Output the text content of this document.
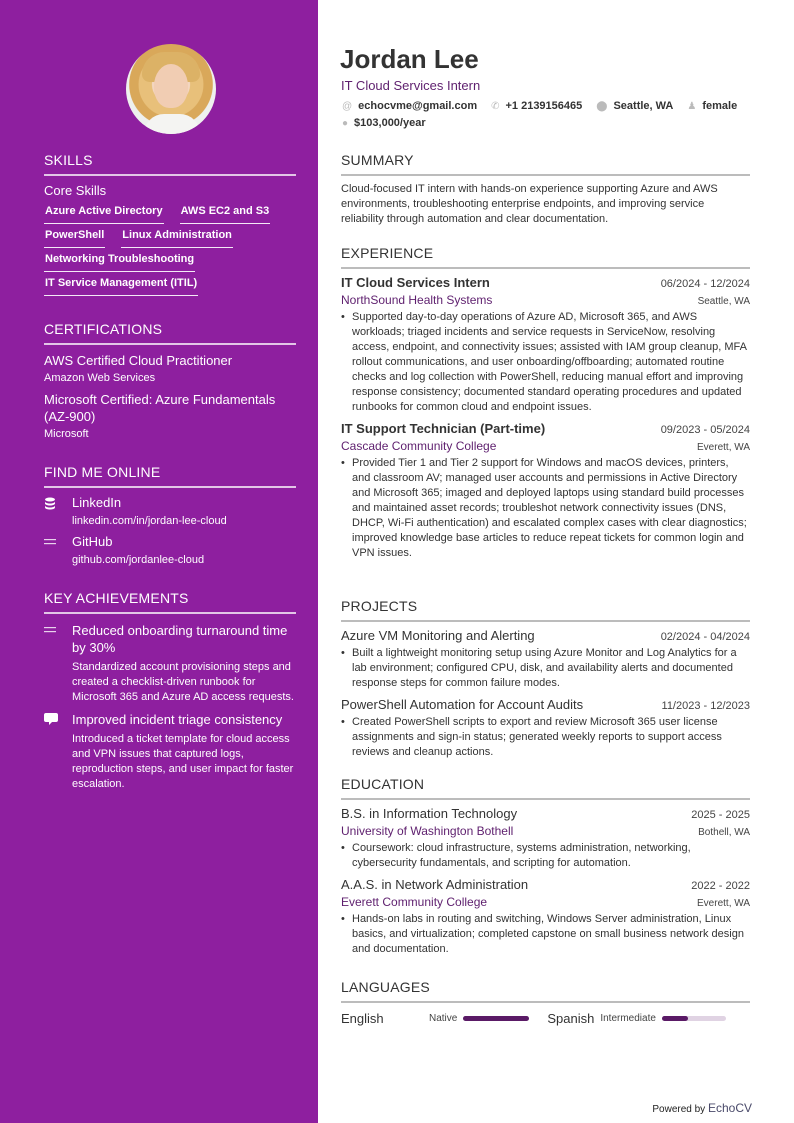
SKILLS
Core Skills
Azure Active Directory AWS EC2 and S3
PowerShell Linux Administration
Networking Troubleshooting
IT Service Management (ITIL)
CERTIFICATIONS
AWS Certified Cloud Practitioner
Amazon Web Services
Microsoft Certified: Azure Fundamentals (AZ-900)
Microsoft
FIND ME ONLINE
LinkedIn
linkedin.com/in/jordan-lee-cloud
GitHub
github.com/jordanlee-cloud
KEY ACHIEVEMENTS
Reduced onboarding turnaround time by 30%
Standardized account provisioning steps and created a checklist-driven runbook for Microsoft 365 and Azure AD access requests.
Improved incident triage consistency
Introduced a ticket template for cloud access and VPN issues that captured logs, reproduction steps, and user impact for faster escalation.
Jordan Lee
IT Cloud Services Intern
@ echocvme@gmail.com ✆ +1 2139156465 ⬤ Seattle, WA ♟ female
● $103,000/year
SUMMARY
Cloud-focused IT intern with hands-on experience supporting Azure and AWS environments, troubleshooting enterprise endpoints, and improving service reliability through automation and clear documentation.
EXPERIENCE
IT Cloud Services Intern	06/2024 - 12/2024
NorthSound Health Systems	Seattle, WA
• Supported day-to-day operations of Azure AD, Microsoft 365, and AWS workloads; triaged incidents and service requests in ServiceNow, resolving access, endpoint, and connectivity issues; assisted with IAM group cleanup, MFA rollout communications, and user onboarding/offboarding; automated routine checks and log collection with PowerShell, reducing manual effort and improving response consistency; documented standard operating procedures and updated runbooks for common cloud and endpoint issues.
IT Support Technician (Part-time)	09/2023 - 05/2024
Cascade Community College	Everett, WA
• Provided Tier 1 and Tier 2 support for Windows and macOS devices, printers, and classroom AV; managed user accounts and permissions in Active Directory and Microsoft 365; imaged and deployed laptops using standard build processes and maintained asset records; troubleshot network connectivity issues (DNS, DHCP, Wi-Fi authentication) and escalated complex cases with clear diagnostics; improved knowledge base articles to reduce repeat tickets for common login and VPN issues.
PROJECTS
Azure VM Monitoring and Alerting	02/2024 - 04/2024
• Built a lightweight monitoring setup using Azure Monitor and Log Analytics for a lab environment; configured CPU, disk, and availability alerts and documented response steps for common failure modes.
PowerShell Automation for Account Audits	11/2023 - 12/2023
• Created PowerShell scripts to export and review Microsoft 365 user license assignments and sign-in status; generated weekly reports to support access reviews and cleanup actions.
EDUCATION
B.S. in Information Technology	2025 - 2025
University of Washington Bothell	Bothell, WA
• Coursework: cloud infrastructure, systems administration, networking, cybersecurity fundamentals, and scripting for automation.
A.A.S. in Network Administration	2022 - 2022
Everett Community College	Everett, WA
• Hands-on labs in routing and switching, Windows Server administration, Linux basics, and virtualization; completed capstone on small business network design and documentation.
LANGUAGES
English	Native	Spanish Intermediate
Powered by EchoCV
